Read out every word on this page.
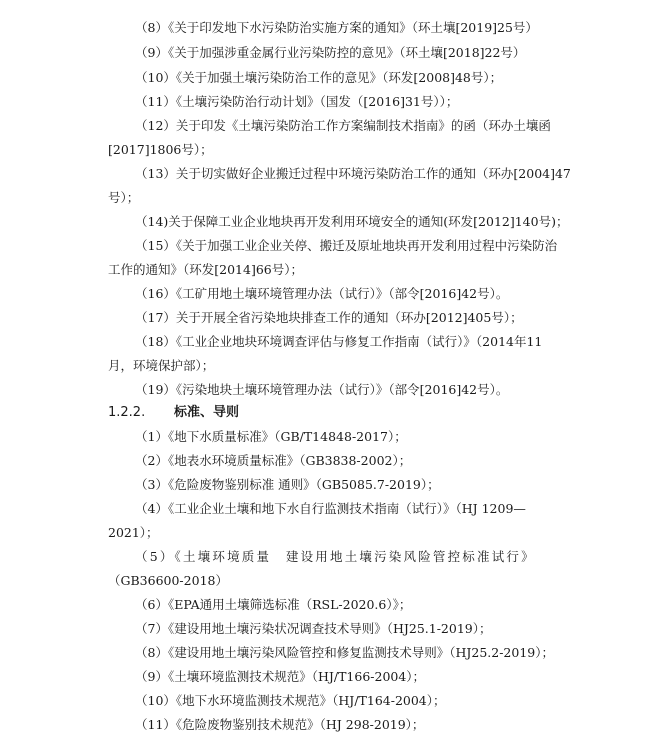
（8）《关于印发地下水污染防治实施方案的通知》（环土壤[2019]25号）
（9）《关于加强涉重金属行业污染防控的意见》（环土壤[2018]22号）
（10）《关于加强土壤污染防治工作的意见》（环发[2008]48号）；
（11）《土壤污染防治行动计划》（国发（[2016]31号））；
（12）关于印发《土壤污染防治工作方案编制技术指南》的函（环办土壤函
[2017]1806号）；
（13）关于切实做好企业搬迁过程中环境污染防治工作的通知（环办[2004]47
号）；
（14)关于保障工业企业地块再开发利用环境安全的通知(环发[2012]140号)；
（15）《关于加强工业企业关停、搬迁及原址地块再开发利用过程中污染防治
工作的通知》（环发[2014]66号）；
（16）《工矿用地土壤环境管理办法（试行）》（部令[2016]42号）。
（17）关于开展全省污染地块排查工作的通知（环办[2012]405号）；
（18）《工业企业地块环境调查评估与修复工作指南（试行）》（2014年11
月，环境保护部）；
（19）《污染地块土壤环境管理办法（试行）》（部令[2016]42号）。
1.2.2. 标准、导则
（1）《地下水质量标准》（GB/T14848-2017）；
（2）《地表水环境质量标准》（GB3838-2002）；
（3）《危险废物鉴别标准 通则》（GB5085.7-2019）；
（4）《工业企业土壤和地下水自行监测技术指南（试行）》（HJ 1209—
2021）；
（5）《土壤环境质量　建设用地土壤污染风险管控标准试行》
（GB36600-2018）
（6）《EPA通用土壤筛选标准（RSL-2020.6）》；
（7）《建设用地土壤污染状况调查技术导则》（HJ25.1-2019）；
（8）《建设用地土壤污染风险管控和修复监测技术导则》（HJ25.2-2019）；
（9）《土壤环境监测技术规范》（HJ/T166-2004）；
（10）《地下水环境监测技术规范》（HJ/T164-2004）；
（11）《危险废物鉴别技术规范》（HJ 298-2019）；
